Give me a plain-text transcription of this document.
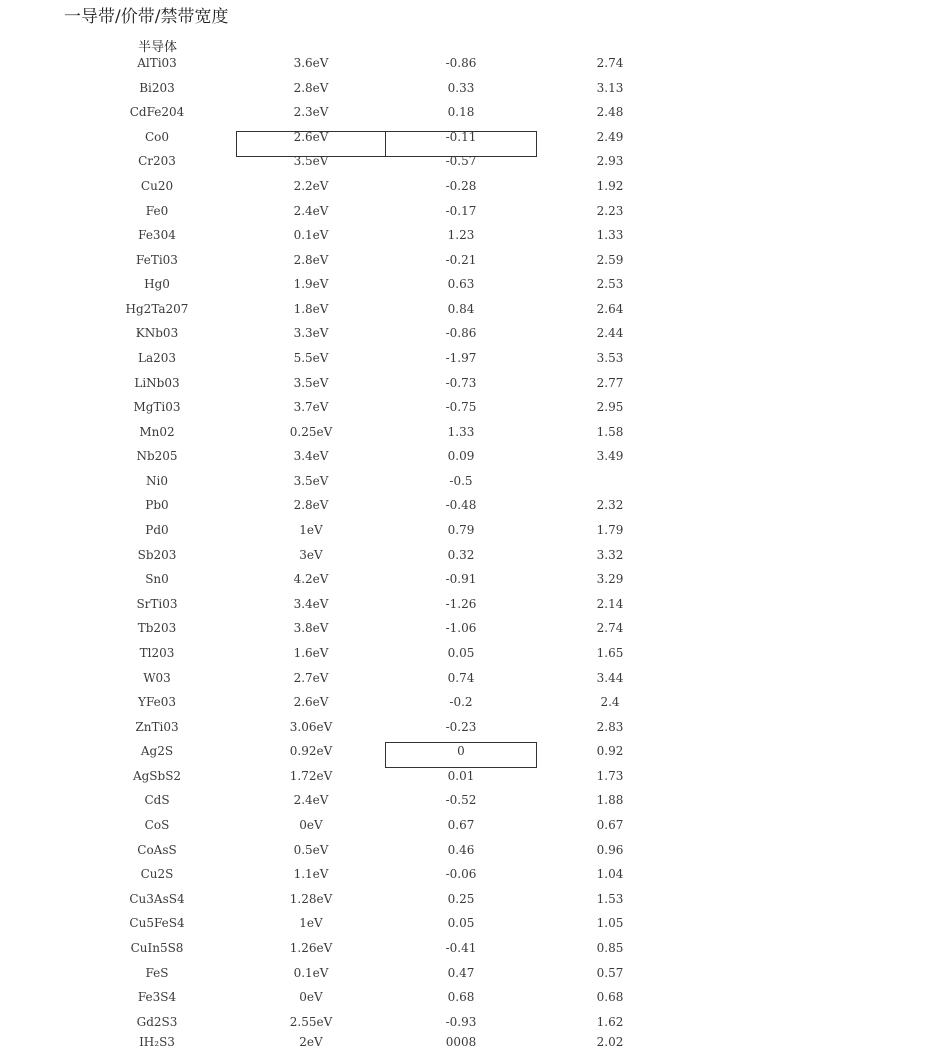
一导带/价带/禁带宽度
半导体
AlTi03	3.6eV	-0.86	2.74
Bi203	2.8eV	0.33	3.13
CdFe204	2.3eV	0.18	2.48
Co0	2.6eV	-0.11	2.49
Cr203	3.5eV	-0.57	2.93
Cu20	2.2eV	-0.28	1.92
Fe0	2.4eV	-0.17	2.23
Fe304	0.1eV	1.23	1.33
FeTi03	2.8eV	-0.21	2.59
Hg0	1.9eV	0.63	2.53
Hg2Ta207	1.8eV	0.84	2.64
KNb03	3.3eV	-0.86	2.44
La203	5.5eV	-1.97	3.53
LiNb03	3.5eV	-0.73	2.77
MgTi03	3.7eV	-0.75	2.95
Mn02	0.25eV	1.33	1.58
Nb205	3.4eV	0.09	3.49
Ni0	3.5eV	-0.5
Pb0	2.8eV	-0.48	2.32
Pd0	1eV	0.79	1.79
Sb203	3eV	0.32	3.32
Sn0	4.2eV	-0.91	3.29
SrTi03	3.4eV	-1.26	2.14
Tb203	3.8eV	-1.06	2.74
Tl203	1.6eV	0.05	1.65
W03	2.7eV	0.74	3.44
YFe03	2.6eV	-0.2	2.4
ZnTi03	3.06eV	-0.23	2.83
Ag2S	0.92eV	0	0.92
AgSbS2	1.72eV	0.01	1.73
CdS	2.4eV	-0.52	1.88
CoS	0eV	0.67	0.67
CoAsS	0.5eV	0.46	0.96
Cu2S	1.1eV	-0.06	1.04
Cu3AsS4	1.28eV	0.25	1.53
Cu5FeS4	1eV	0.05	1.05
CuIn5S8	1.26eV	-0.41	0.85
FeS	0.1eV	0.47	0.57
Fe3S4	0eV	0.68	0.68
Gd2S3	2.55eV	-0.93	1.62
IH₂S3	2eV	0008	2.02
